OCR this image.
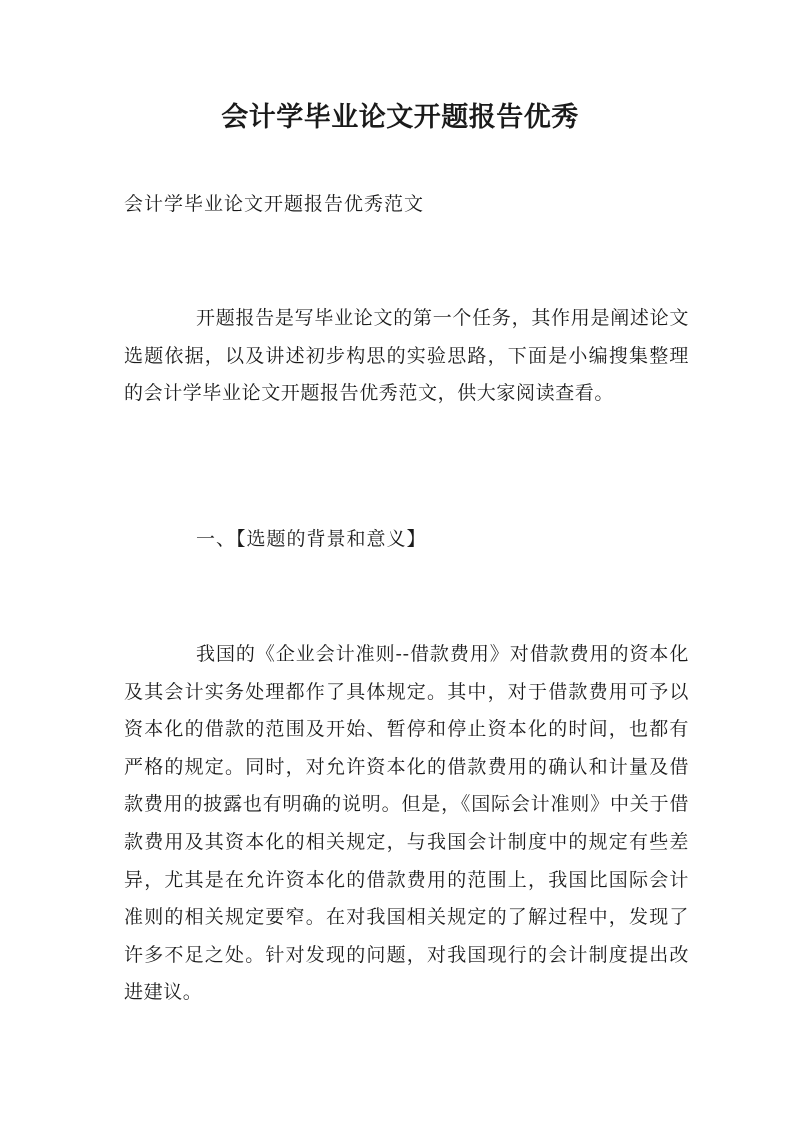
会计学毕业论文开题报告优秀
会计学毕业论文开题报告优秀范文

开题报告是写毕业论文的第一个任务，其作用是阐述论文选题依据，以及讲述初步构思的实验思路，下面是小编搜集整理的会计学毕业论文开题报告优秀范文，供大家阅读查看。

一、【选题的背景和意义】

我国的《企业会计准则--借款费用》对借款费用的资本化及其会计实务处理都作了具体规定。其中，对于借款费用可予以资本化的借款的范围及开始、暂停和停止资本化的时间，也都有严格的规定。同时，对允许资本化的借款费用的确认和计量及借款费用的披露也有明确的说明。但是，《国际会计准则》中关于借款费用及其资本化的相关规定，与我国会计制度中的规定有些差异，尤其是在允许资本化的借款费用的范围上，我国比国际会计准则的相关规定要窄。在对我国相关规定的了解过程中，发现了许多不足之处。针对发现的问题，对我国现行的会计制度提出改进建议。
